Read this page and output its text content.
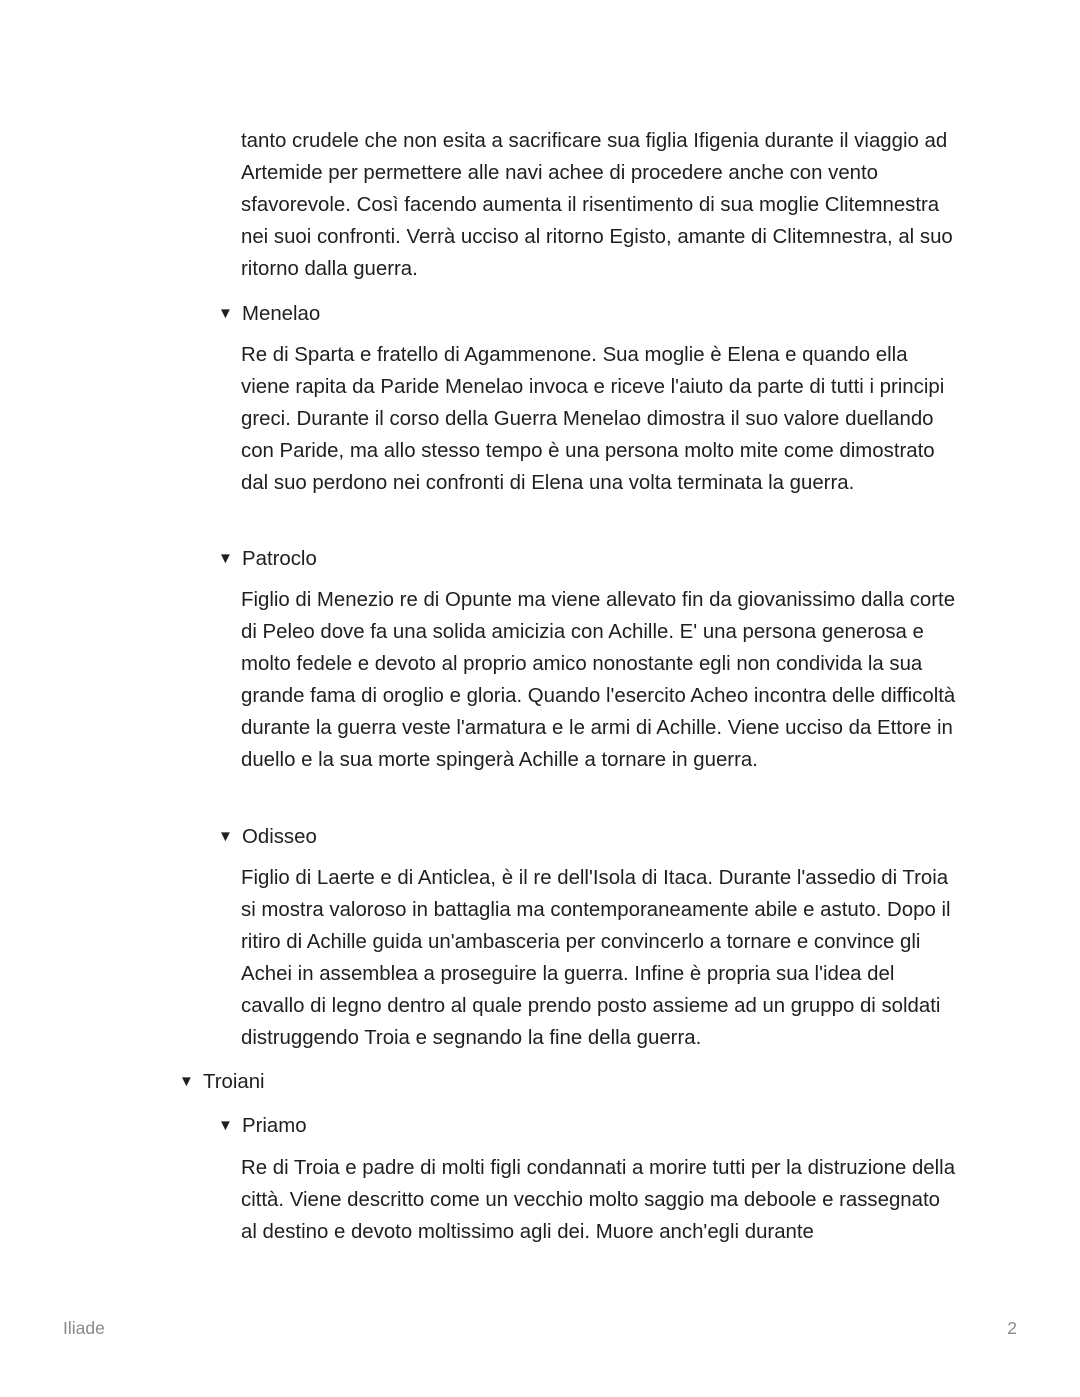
tanto crudele che non esita a sacrificare sua figlia Ifigenia durante il viaggio ad Artemide per permettere alle navi achee di procedere anche con vento sfavorevole. Così facendo aumenta il risentimento di sua moglie Clitemnestra nei suoi confronti. Verrà ucciso al ritorno Egisto, amante di Clitemnestra, al suo ritorno dalla guerra.

▼ Menelao

Re di Sparta e fratello di Agammenone. Sua moglie è Elena e quando ella viene rapita da Paride Menelao invoca e riceve l'aiuto da parte di tutti i principi greci. Durante il corso della Guerra Menelao dimostra il suo valore duellando con Paride, ma allo stesso tempo è una persona molto mite come dimostrato dal suo perdono nei confronti di Elena una volta terminata la guerra.

▼ Patroclo

Figlio di Menezio re di Opunte ma viene allevato fin da giovanissimo dalla corte di Peleo dove fa una solida amicizia con Achille. E' una persona generosa e molto fedele e devoto al proprio amico nonostante egli non condivida la sua grande fama di oroglio e gloria. Quando l'esercito Acheo incontra delle difficoltà durante la guerra veste l'armatura e le armi di Achille. Viene ucciso da Ettore in duello e la sua morte spingerà Achille a tornare in guerra.

▼ Odisseo

Figlio di Laerte e di Anticlea, è il re dell'Isola di Itaca. Durante l'assedio di Troia si mostra valoroso in battaglia ma contemporaneamente abile e astuto. Dopo il ritiro di Achille guida un'ambasceria per convincerlo a tornare e convince gli Achei in assemblea a proseguire la guerra. Infine è propria sua l'idea del cavallo di legno dentro al quale prendo posto assieme ad un gruppo di soldati distruggendo Troia e segnando la fine della guerra.

▼ Troiani
▼ Priamo

Re di Troia e padre di molti figli condannati a morire tutti per la distruzione della città. Viene descritto come un vecchio molto saggio ma deboole e rassegnato al destino e devoto moltissimo agli dei. Muore anch'egli durante

Iliade	2
